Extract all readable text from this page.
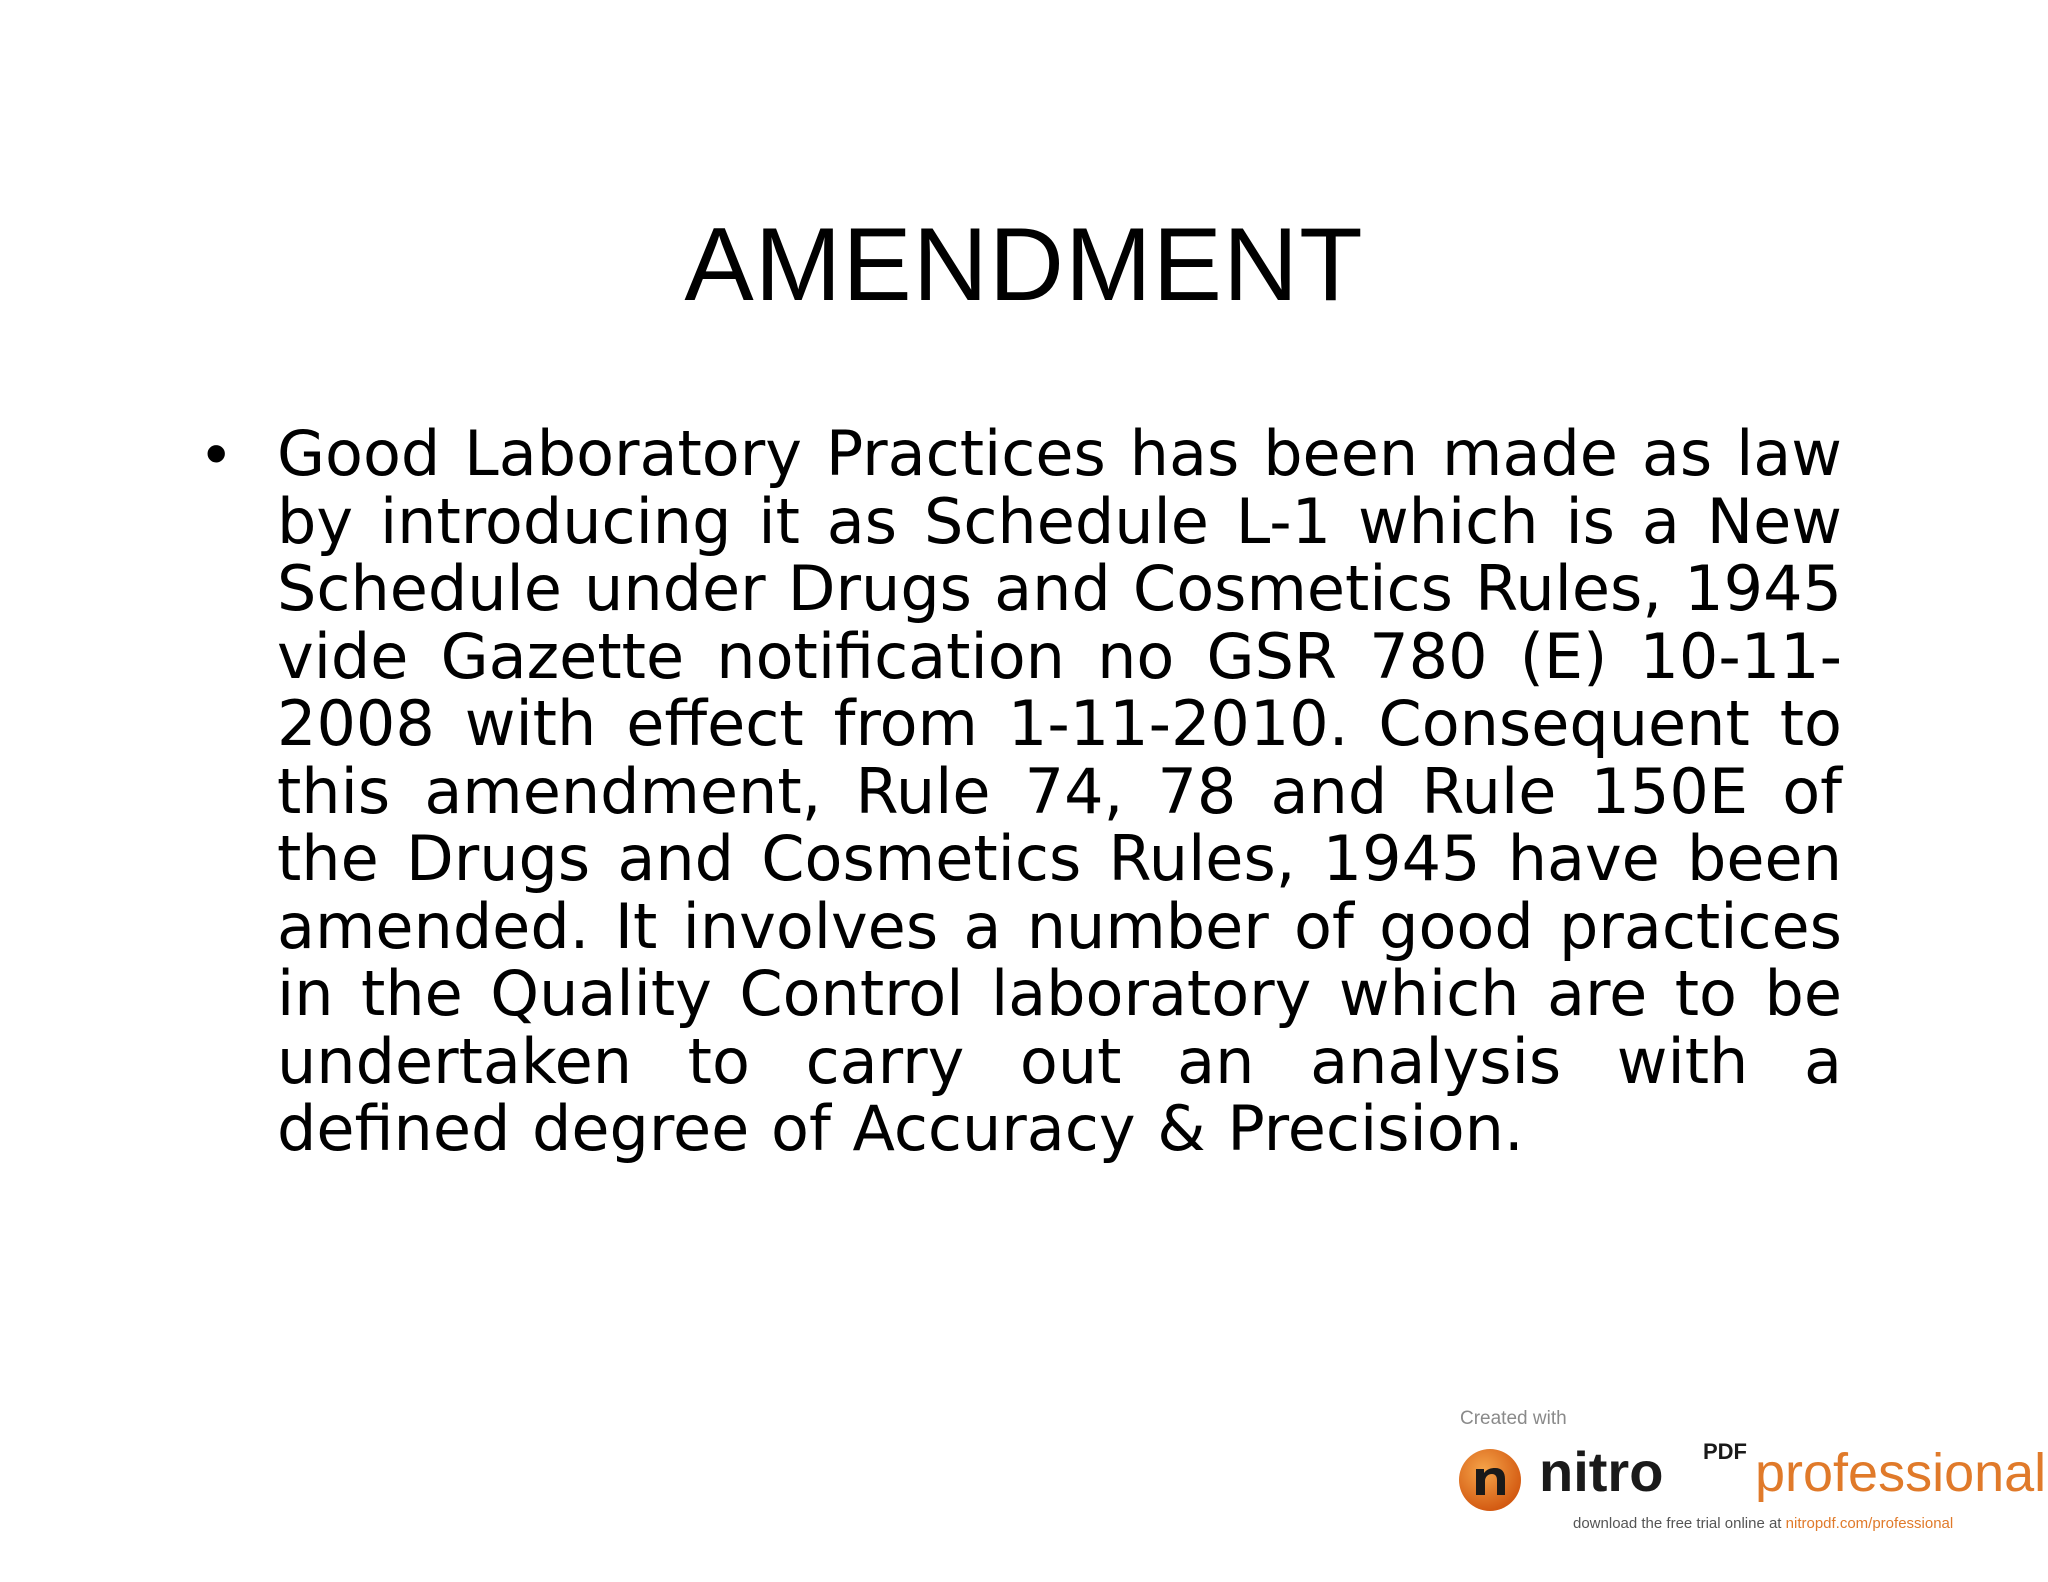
AMENDMENT
• Good Laboratory Practices has been made as law by introducing it as Schedule L-1 which is a New Schedule under Drugs and Cosmetics Rules, 1945 vide Gazette notification no GSR 780 (E) 10-11-2008 with effect from 1-11-2010. Consequent to this amendment, Rule 74, 78 and Rule 150E of the Drugs and Cosmetics Rules, 1945 have been amended. It involves a number of good practices in the Quality Control laboratory which are to be undertaken to carry out an analysis with a defined degree of Accuracy & Precision.
Created with
nitro PDF professional
download the free trial online at nitropdf.com/professional
